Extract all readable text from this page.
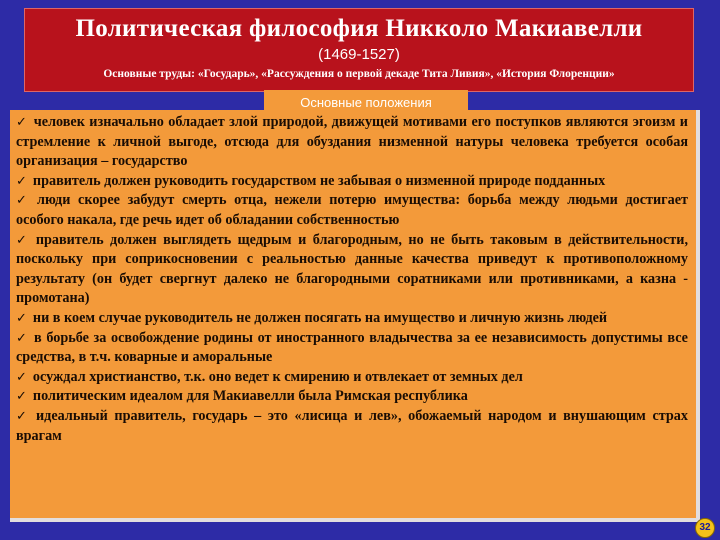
Политическая философия Никколо Макиавелли
(1469-1527)
Основные труды: «Государь», «Рассуждения о первой декаде Тита Ливия», «История Флоренции»

✓ человек изначально обладает злой природой, движущей мотивами его поступков являются эгоизм и стремление к личной выгоде, отсюда для обуздания низменной натуры человека требуется особая организация – государство

✓ правитель должен руководить государством не забывая о низменной природе подданных

✓ люди скорее забудут смерть отца, нежели потерю имущества: борьба между людьми достигает особого накала, где речь идет об обладании собственностью

✓ правитель должен выглядеть щедрым и благородным, но не быть таковым в действительности, поскольку при соприкосновении с реальностью данные качества приведут к противоположному результату (он будет свергнут далеко не благородными соратниками или противниками, а казна - промотана)

✓ ни в коем случае руководитель не должен посягать на имущество и личную жизнь людей

✓ в борьбе за освобождение родины от иностранного владычества за ее независимость допустимы все средства, в т.ч. коварные и аморальные

✓ осуждал христианство, т.к. оно ведет к смирению и отвлекает от земных дел

✓ политическим идеалом для Макиавелли была Римская республика

✓ идеальный правитель, государь – это «лисица и лев», обожаемый народом и внушающим страх врагам

Основные положения
32
